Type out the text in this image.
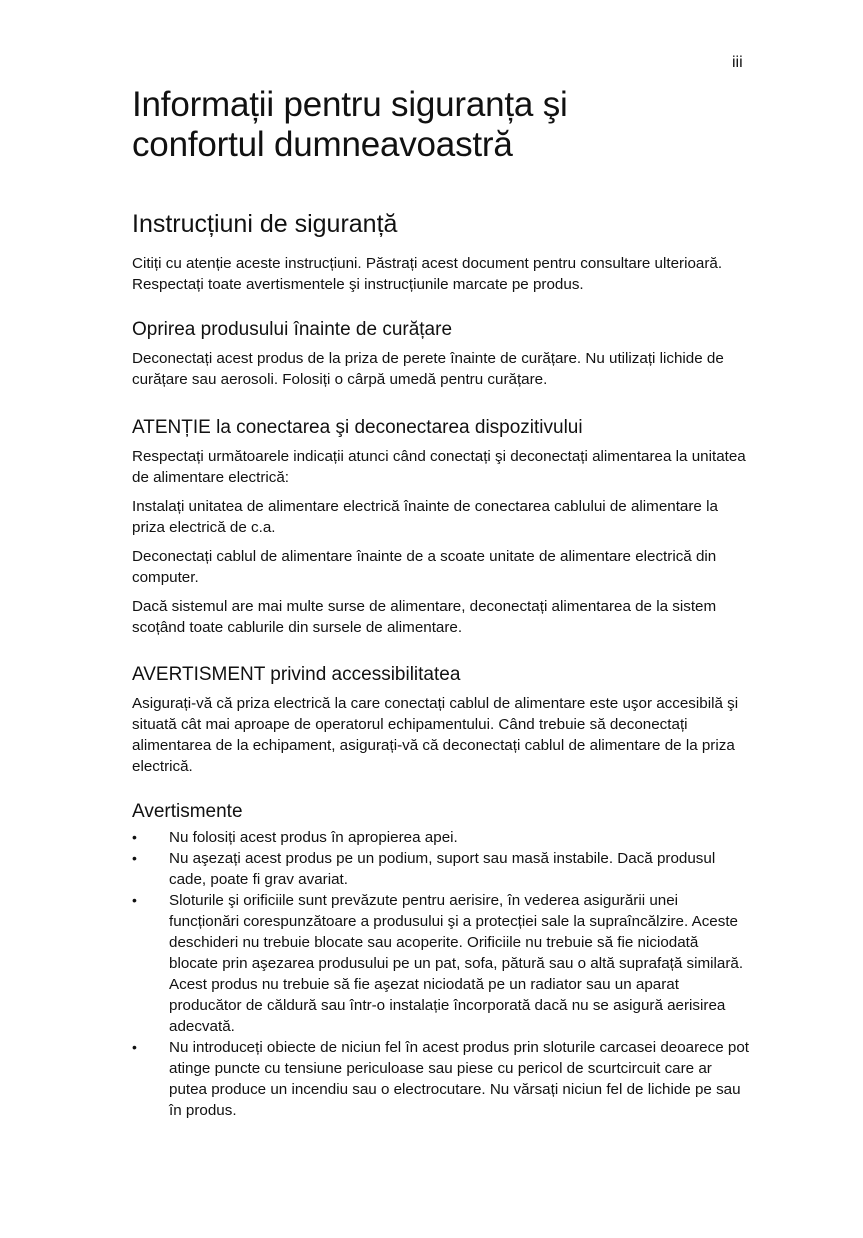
iii
Informații pentru siguranța şi confortul dumneavoastră
Instrucțiuni de siguranță

Citiți cu atenție aceste instrucțiuni. Păstrați acest document pentru consultare ulterioară. Respectați toate avertismentele şi instrucțiunile marcate pe produs.

Oprirea produsului înainte de curățare

Deconectați acest produs de la priza de perete înainte de curățare. Nu utilizați lichide de curățare sau aerosoli. Folosiți o cârpă umedă pentru curățare.

ATENȚIE la conectarea şi deconectarea dispozitivului

Respectați următoarele indicații atunci când conectați şi deconectați alimentarea la unitatea de alimentare electrică:

Instalați unitatea de alimentare electrică înainte de conectarea cablului de alimentare la priza electrică de c.a.

Deconectați cablul de alimentare înainte de a scoate unitate de alimentare electrică din computer.

Dacă sistemul are mai multe surse de alimentare, deconectați alimentarea de la sistem scoțând toate cablurile din sursele de alimentare.

AVERTISMENT privind accessibilitatea

Asigurați-vă că priza electrică la care conectați cablul de alimentare este uşor accesibilă şi situată cât mai aproape de operatorul echipamentului. Când trebuie să deconectați alimentarea de la echipament, asigurați-vă că deconectați cablul de alimentare de la priza electrică.

Avertismente
• Nu folosiți acest produs în apropierea apei.
• Nu aşezați acest produs pe un podium, suport sau masă instabile. Dacă produsul cade, poate fi grav avariat.
• Sloturile şi orificiile sunt prevăzute pentru aerisire, în vederea asigurării unei funcționări corespunzătoare a produsului şi a protecției sale la supraîncălzire. Aceste deschideri nu trebuie blocate sau acoperite. Orificiile nu trebuie să fie niciodată blocate prin aşezarea produsului pe un pat, sofa, pătură sau o altă suprafață similară. Acest produs nu trebuie să fie aşezat niciodată pe un radiator sau un aparat producător de căldură sau într-o instalație încorporată dacă nu se asigură aerisirea adecvată.
• Nu introduceți obiecte de niciun fel în acest produs prin sloturile carcasei deoarece pot atinge puncte cu tensiune periculoase sau piese cu pericol de scurtcircuit care ar putea produce un incendiu sau o electrocutare. Nu vărsați niciun fel de lichide pe sau în produs.
